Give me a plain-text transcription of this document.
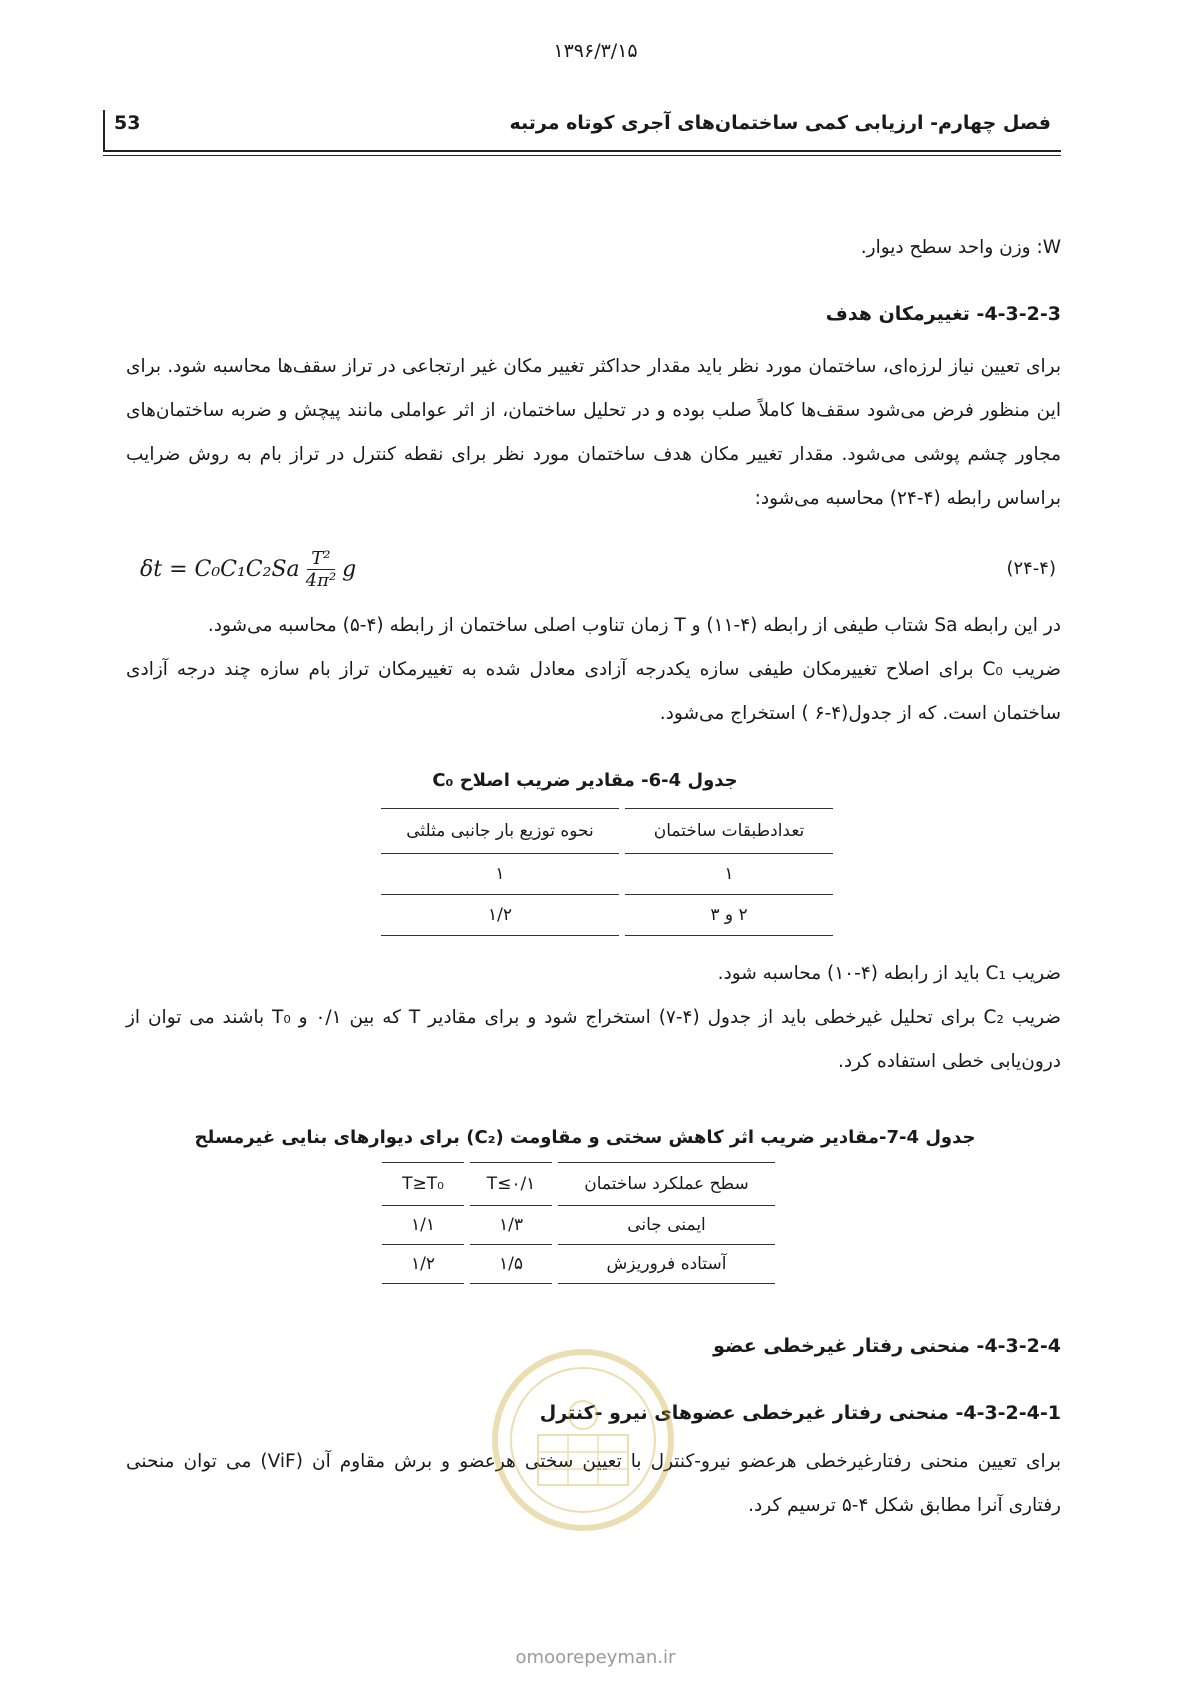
۱۳۹۶/۳/۱۵
فصل چهارم- ارزیابی کمی ساختمان‌های آجری کوتاه مرتبه
53
W: وزن واحد سطح دیوار.
4-3-2-3- تغییرمکان هدف
برای تعیین نیاز لرزه‌ای، ساختمان مورد نظر باید مقدار حداکثر تغییر مکان غیر ارتجاعی در تراز سقف‌ها محاسبه شود. برای این منظور فرض می‌شود سقف‌ها کاملاً صلب بوده و در تحلیل ساختمان، از اثر عواملی مانند پیچش و ضربه ساختمان‌های مجاور چشم پوشی می‌شود. مقدار تغییر مکان هدف ساختمان مورد نظر برای نقطه کنترل در تراز بام به روش ضرایب براساس رابطه (۴-۲۴) محاسبه می‌شود:
$\delta t = C_0C_1C_2Sa \frac{\text{T²}}{\text{4π²}}$ g	(۲۴-۴)
در این رابطه Sa شتاب طیفی از رابطه (۴-۱۱) و T زمان تناوب اصلی ساختمان از رابطه (۴-۵) محاسبه می‌شود.
ضریب C₀ برای اصلاح تغییرمکان طیفی سازه یکدرجه آزادی معادل شده به تغییرمکان تراز بام سازه چند درجه آزادی ساختمان است. که از جدول(۴-۶ ) استخراج می‌شود.
جدول 4-6- مقادیر ضریب اصلاح C₀
تعدادطبقات ساختمان	نحوه توزیع بار جانبی مثلثی
۱	۱
۲ و ۳	۱/۲
ضریب C₁ باید از رابطه (۴-۱۰) محاسبه شود.
ضریب C₂ برای تحلیل غیرخطی باید از جدول (۴-۷) استخراج شود و برای مقادیر T که بین ۰/۱ و T₀ باشند می توان از درون‌یابی خطی استفاده کرد.
جدول 4-7-مقادیر ضریب اثر کاهش سختی و مقاومت (C₂) برای دیوارهای بنایی غیرمسلح
سطح عملکرد ساختمان	T≤۰/۱	T≥T₀
ایمنی جانی	۱/۳	۱/۱
آستاده فروریزش	۱/۵	۱/۲
4-3-2-4- منحنی رفتار غیرخطی عضو
4-3-2-4-1- منحنی رفتار غیرخطی عضوهای نیرو -کنترل
برای تعیین منحنی رفتارغیرخطی هرعضو نیرو-کنترل با تعیین سختی هرعضو و برش مقاوم آن (ViF) می توان منحنی رفتاری آنرا مطابق شکل ۴-۵ ترسیم کرد.
omoorepeyman.ir
